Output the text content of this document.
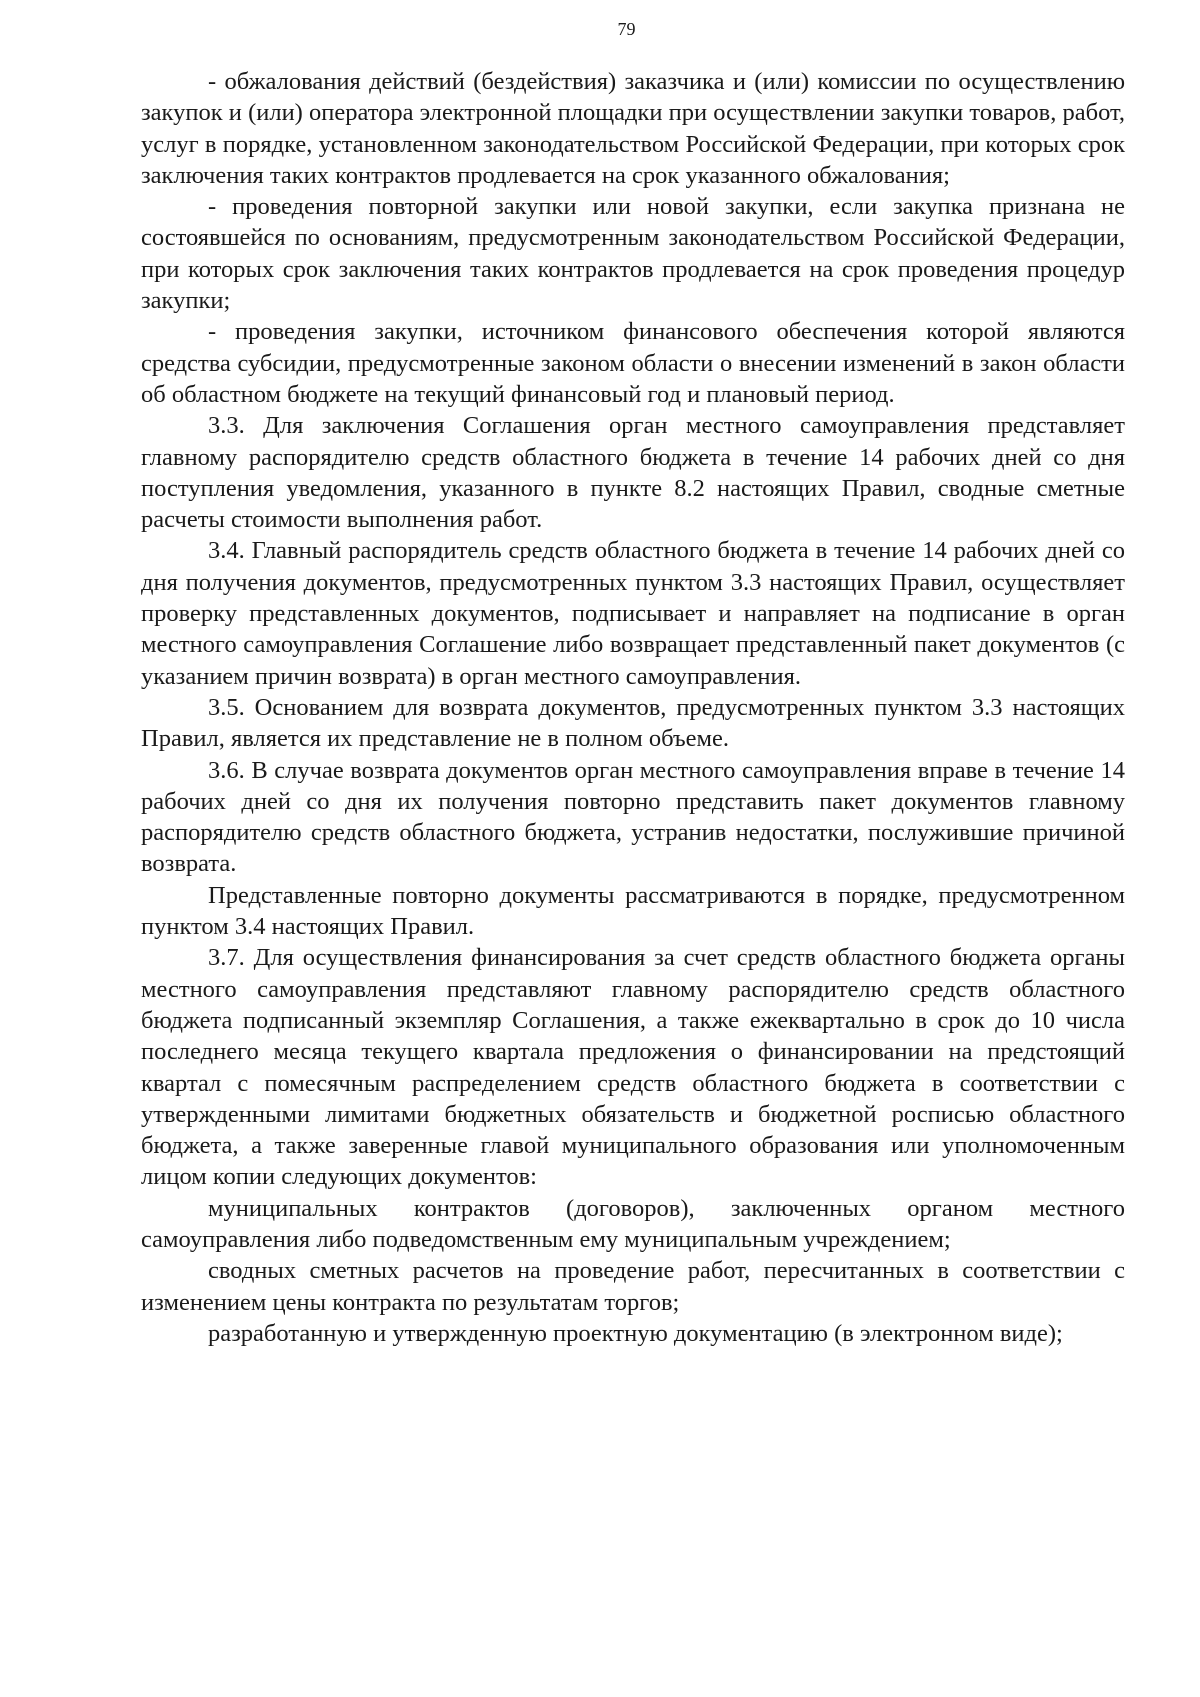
79

- обжалования действий (бездействия) заказчика и (или) комиссии по осуществлению закупок и (или) оператора электронной площадки при осуществлении закупки товаров, работ, услуг в порядке, установленном законодательством Российской Федерации, при которых срок заключения таких контрактов продлевается на срок указанного обжалования;

- проведения повторной закупки или новой закупки, если закупка признана не состоявшейся по основаниям, предусмотренным законодательством Российской Федерации, при которых срок заключения таких контрактов продлевается на срок проведения процедур закупки;

- проведения закупки, источником финансового обеспечения которой являются средства субсидии, предусмотренные законом области о внесении изменений в закон области об областном бюджете на текущий финансовый год и плановый период.

3.3. Для заключения Соглашения орган местного самоуправления представляет главному распорядителю средств областного бюджета в течение 14 рабочих дней со дня поступления уведомления, указанного в пункте 8.2 настоящих Правил, сводные сметные расчеты стоимости выполнения работ.

3.4. Главный распорядитель средств областного бюджета в течение 14 рабочих дней со дня получения документов, предусмотренных пунктом 3.3 настоящих Правил, осуществляет проверку представленных документов, подписывает и направляет на подписание в орган местного самоуправления Соглашение либо возвращает представленный пакет документов (с указанием причин возврата) в орган местного самоуправления.

3.5. Основанием для возврата документов, предусмотренных пунктом 3.3 настоящих Правил, является их представление не в полном объеме.

3.6. В случае возврата документов орган местного самоуправления вправе в течение 14 рабочих дней со дня их получения повторно представить пакет документов главному распорядителю средств областного бюджета, устранив недостатки, послужившие причиной возврата.

Представленные повторно документы рассматриваются в порядке, предусмотренном пунктом 3.4 настоящих Правил.

3.7. Для осуществления финансирования за счет средств областного бюджета органы местного самоуправления представляют главному распорядителю средств областного бюджета подписанный экземпляр Соглашения, а также ежеквартально в срок до 10 числа последнего месяца текущего квартала предложения о финансировании на предстоящий квартал с помесячным распределением средств областного бюджета в соответствии с утвержденными лимитами бюджетных обязательств и бюджетной росписью областного бюджета, а также заверенные главой муниципального образования или уполномоченным лицом копии следующих документов:

муниципальных контрактов (договоров), заключенных органом местного самоуправления либо подведомственным ему муниципальным учреждением;

сводных сметных расчетов на проведение работ, пересчитанных в соответствии с изменением цены контракта по результатам торгов;

разработанную и утвержденную проектную документацию (в электронном виде);
